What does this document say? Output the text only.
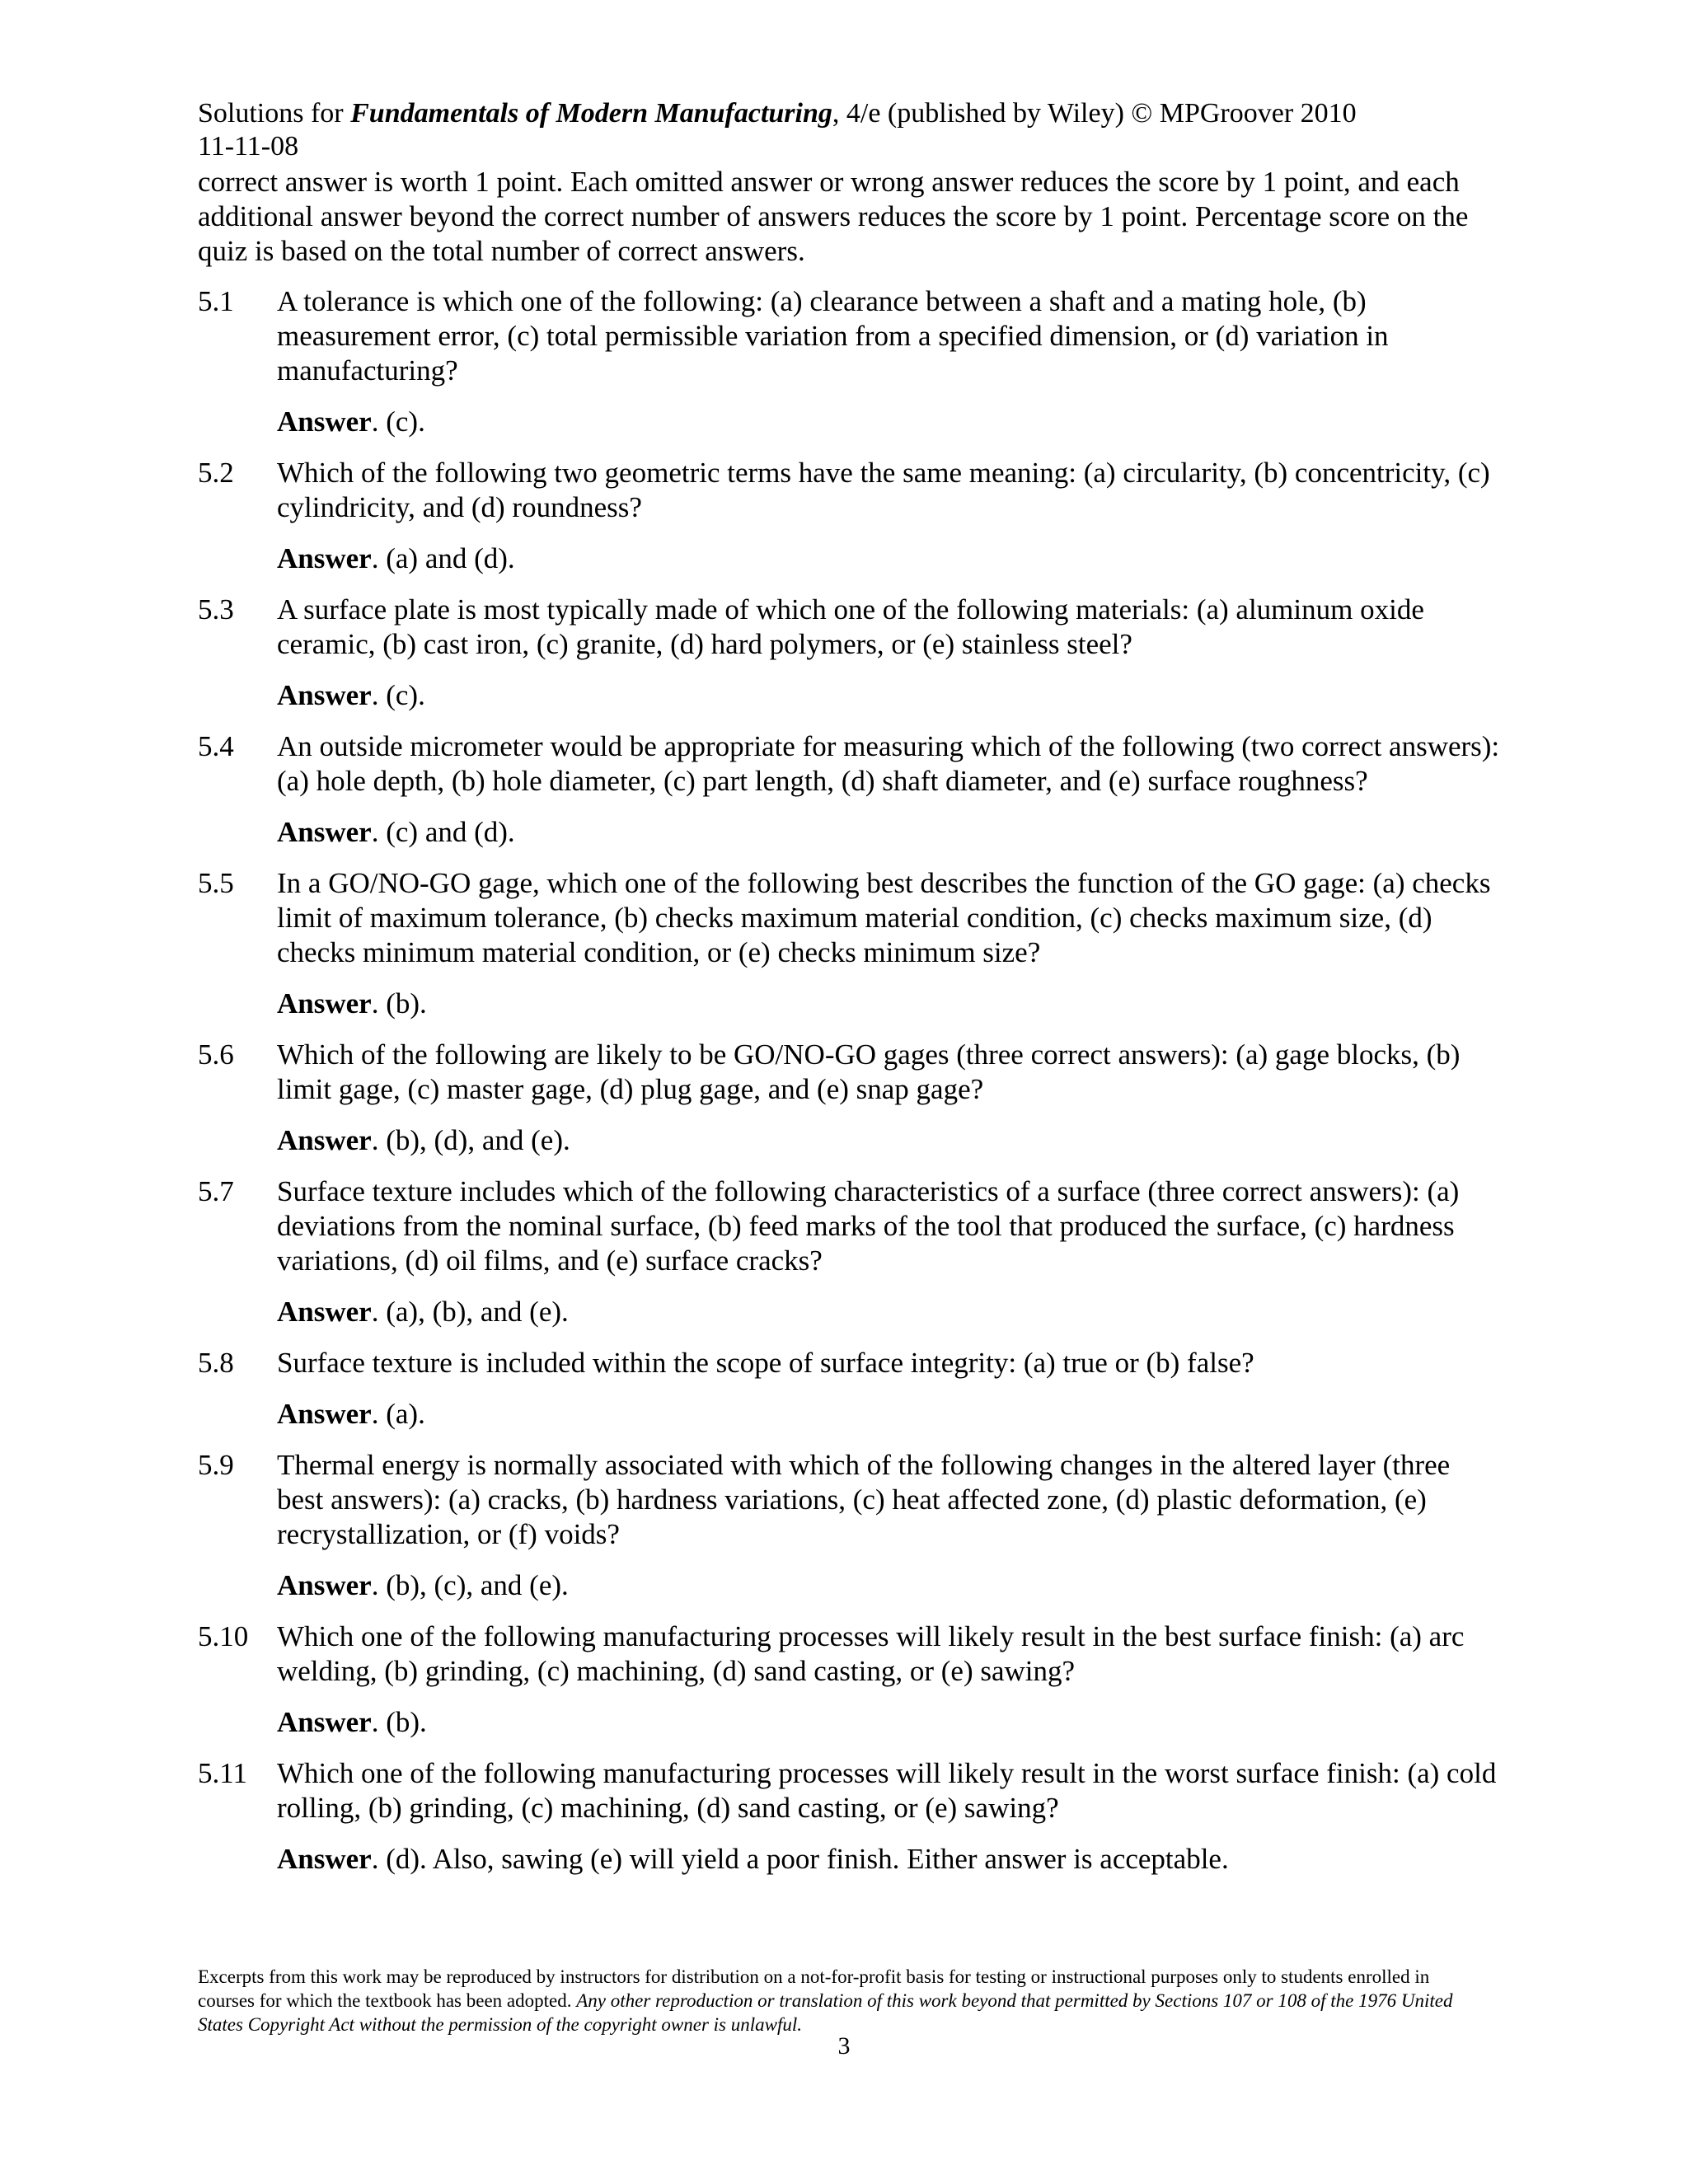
Solutions for Fundamentals of Modern Manufacturing, 4/e (published by Wiley) © MPGroover 2010
11-11-08
correct answer is worth 1 point. Each omitted answer or wrong answer reduces the score by 1 point, and each additional answer beyond the correct number of answers reduces the score by 1 point. Percentage score on the quiz is based on the total number of correct answers.
5.1	A tolerance is which one of the following: (a) clearance between a shaft and a mating hole, (b) measurement error, (c) total permissible variation from a specified dimension, or (d) variation in manufacturing?
Answer. (c).
5.2	Which of the following two geometric terms have the same meaning: (a) circularity, (b) concentricity, (c) cylindricity, and (d) roundness?
Answer. (a) and (d).
5.3	A surface plate is most typically made of which one of the following materials: (a) aluminum oxide ceramic, (b) cast iron, (c) granite, (d) hard polymers, or (e) stainless steel?
Answer. (c).
5.4	An outside micrometer would be appropriate for measuring which of the following (two correct answers): (a) hole depth, (b) hole diameter, (c) part length, (d) shaft diameter, and (e) surface roughness?
Answer. (c) and (d).
5.5	In a GO/NO-GO gage, which one of the following best describes the function of the GO gage: (a) checks limit of maximum tolerance, (b) checks maximum material condition, (c) checks maximum size, (d) checks minimum material condition, or (e) checks minimum size?
Answer. (b).
5.6	Which of the following are likely to be GO/NO-GO gages (three correct answers): (a) gage blocks, (b) limit gage, (c) master gage, (d) plug gage, and (e) snap gage?
Answer. (b), (d), and (e).
5.7	Surface texture includes which of the following characteristics of a surface (three correct answers): (a) deviations from the nominal surface, (b) feed marks of the tool that produced the surface, (c) hardness variations, (d) oil films, and (e) surface cracks?
Answer. (a), (b), and (e).
5.8	Surface texture is included within the scope of surface integrity: (a) true or (b) false?
Answer. (a).
5.9	Thermal energy is normally associated with which of the following changes in the altered layer (three best answers): (a) cracks, (b) hardness variations, (c) heat affected zone, (d) plastic deformation, (e) recrystallization, or (f) voids?
Answer. (b), (c), and (e).
5.10 Which one of the following manufacturing processes will likely result in the best surface finish: (a) arc welding, (b) grinding, (c) machining, (d) sand casting, or (e) sawing?
Answer. (b).
5.11	Which one of the following manufacturing processes will likely result in the worst surface finish: (a) cold rolling, (b) grinding, (c) machining, (d) sand casting, or (e) sawing?
Answer. (d). Also, sawing (e) will yield a poor finish. Either answer is acceptable.
Excerpts from this work may be reproduced by instructors for distribution on a not-for-profit basis for testing or instructional purposes only to students enrolled in courses for which the textbook has been adopted. Any other reproduction or translation of this work beyond that permitted by Sections 107 or 108 of the 1976 United States Copyright Act without the permission of the copyright owner is unlawful.
3
